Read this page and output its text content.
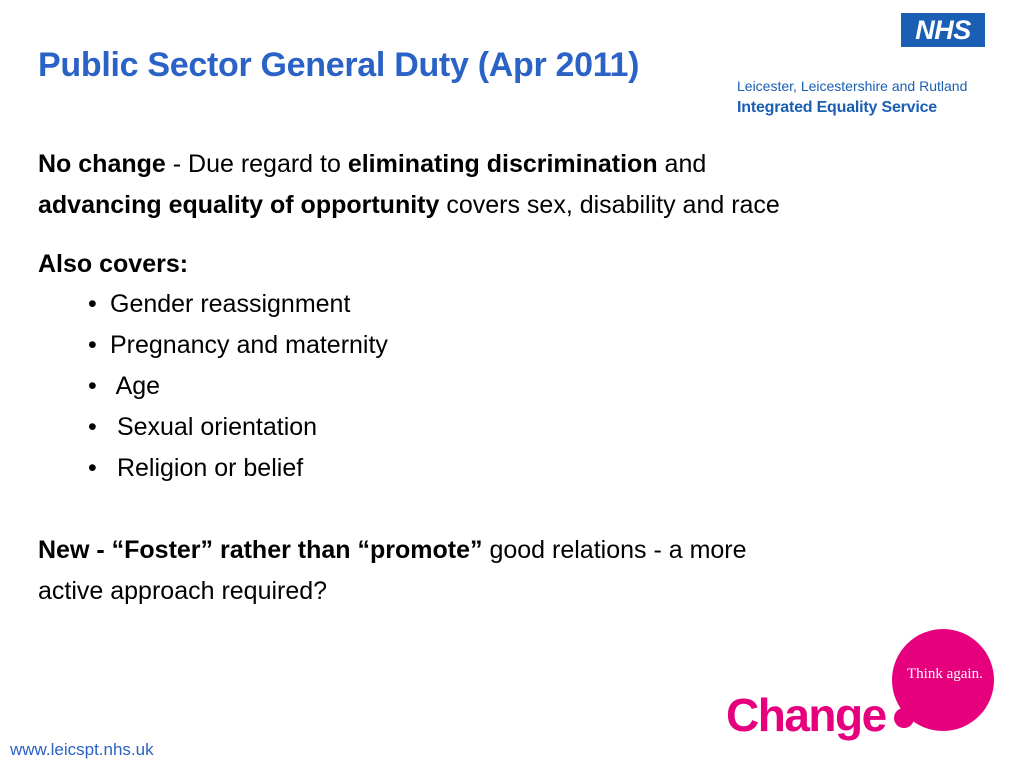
Public Sector General Duty (Apr 2011)
NHS
Leicester, Leicestershire and Rutland
Integrated Equality Service
No change - Due regard to eliminating discrimination and
advancing equality of opportunity covers sex, disability and race
Also covers:
• Gender reassignment
• Pregnancy and maternity
• Age
• Sexual orientation
• Religion or belief
New - “Foster” rather than “promote” good relations - a more
active approach required?
www.leicspt.nhs.uk
Think again.
Change
